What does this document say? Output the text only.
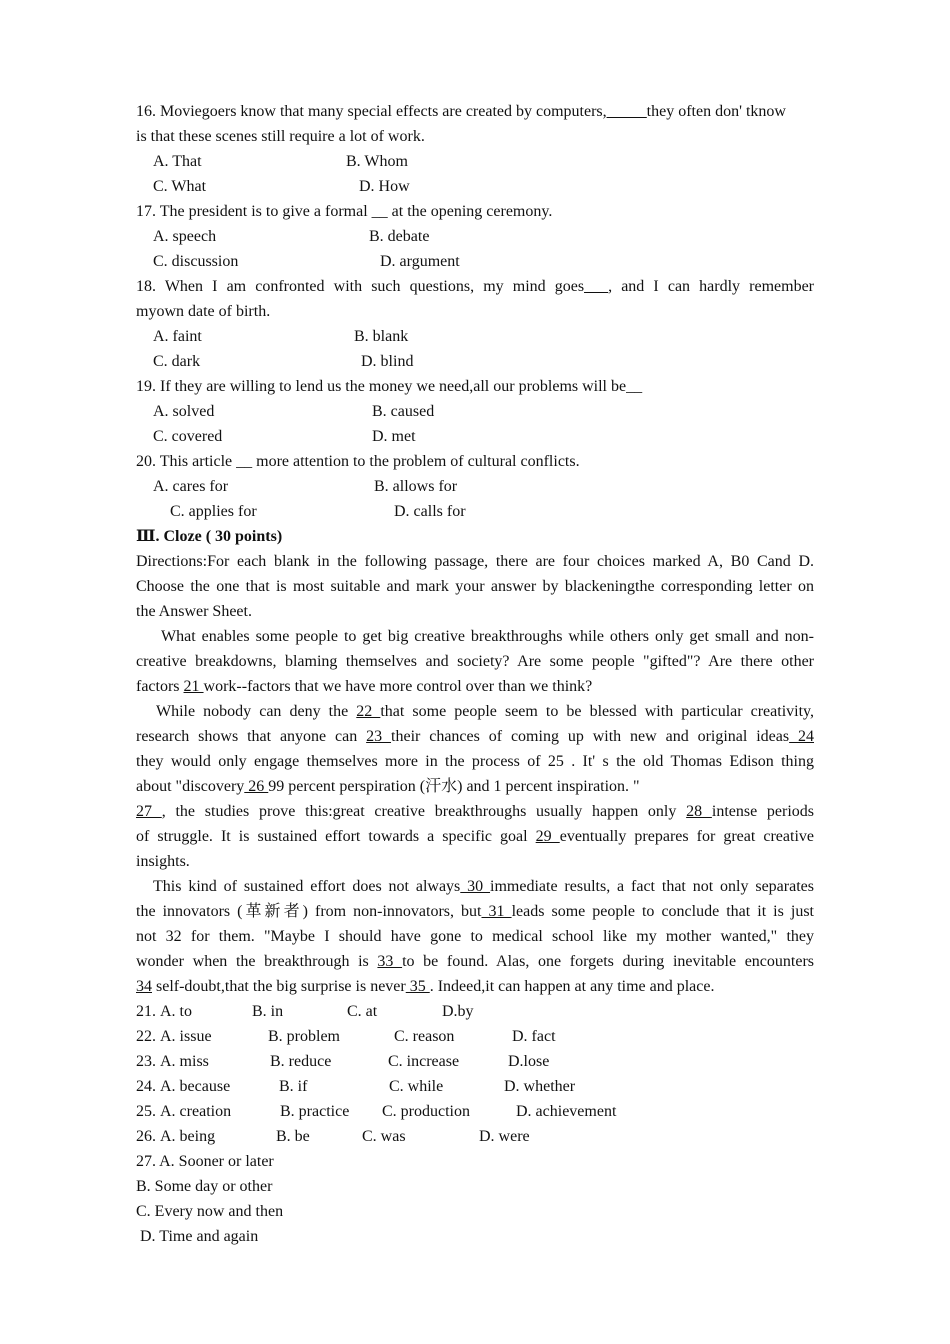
16. Moviegoers know that many special effects are created by computers,_____they often don' tknow
is that these scenes still require a lot of work.
A. That	B. Whom
C. What	D. How
17. The president is to give a formal __ at the opening ceremony.
A. speech	B. debate
C. discussion	D. argument
18. When I am confronted with such questions, my mind goes___, and I can hardly remember
myown date of birth.
A. faint	B. blank
C. dark	D. blind
19. If they are willing to lend us the money we need,all our problems will be__
A. solved	B. caused
C. covered	D. met
20. This article __ more attention to the problem of cultural conflicts.
A. cares for	B. allows for
C. applies for	D. calls for
Ⅲ. Cloze ( 30 points)
Directions:For each blank in the following passage, there are four choices marked A, B0 Cand D.
Choose the one that is most suitable and mark your answer by blackeningthe corresponding letter on
the Answer Sheet.
What enables some people to get big creative breakthroughs while others only get small and non-
creative breakdowns, blaming themselves and society? Are some people "gifted"? Are there other
factors 21 work--factors that we have more control over than we think?
While nobody can deny the 22 that some people seem to be blessed with particular creativity,
research shows that anyone can 23 their chances of coming up with new and original ideas 24
they would only engage themselves more in the process of 25 . It' s the old Thomas Edison thing
about "discovery 26 99 percent perspiration (汗水) and 1 percent inspiration. "
27 , the studies prove this:great creative breakthroughs usually happen only 28 intense periods
of struggle. It is sustained effort towards a specific goal 29 eventually prepares for great creative
insights.
This kind of sustained effort does not always 30 immediate results, a fact that not only separates
the innovators (革新者) from non-innovators, but 31 leads some people to conclude that it is just
not 32 for them. "Maybe I should have gone to medical school like my mother wanted," they
wonder when the breakthrough is 33 to be found. Alas, one forgets during inevitable encounters
34 self-doubt,that the big surprise is never 35 . Indeed,it can happen at any time and place.
21. A. to	B. in	C. at	D.by
22. A. issue	B. problem	C. reason	D. fact
23. A. miss	B. reduce	C. increase	D.lose
24. A. because	B. if	C. while	D. whether
25. A. creation	B. practice C. production	D. achievement
26. A. being	B. be	C. was	D. were
27. A. Sooner or later
B. Some day or other
C. Every now and then
D. Time and again
